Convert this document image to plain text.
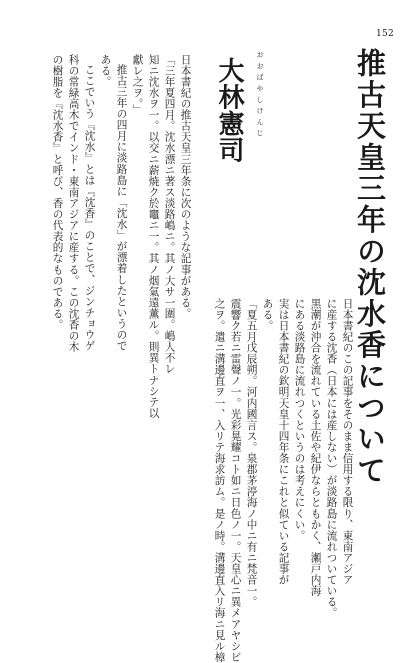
152
推古天皇三年の沈水香について
おおばやしけんじ
大林憲司
日本書紀の推古天皇三年条に次のような記事がある。
「三年夏四月。沈水漂ニ著ス淡路嶋ニ。其ノ大サ一圍。嶋人不レ
知ニ沈水ヲ一。以交ニ薪焼ク於竈ニ一。其ノ烟氣遠薫ル。則異トナシテ以
獻レ之ヲ。」
推古三年の四月に淡路島に「沈水」が漂着したというので
ある。
ここでいう『沈水』とは『沈香』のことで、ジンチョウゲ
科の常緑高木でインド・東南アジアに産する。この沈香の木
の樹脂を『沈水香』と呼び、香の代表的なものである。
日本書紀のこの記事をそのまま信用する限り、東南アジア
に産する沈香（日本には産しない）が淡路島に流れついている。
黒潮が沖合を流れている土佐や紀伊ならともかく、瀬戸内海
にある淡路島に流れつくというのは考えにくい。
実は日本書紀の欽明天皇十四年条にこれと似ている記事が
ある。
「夏五月戊辰朔。河内國言ス。泉郡茅渟海ノ中ニ有ニ梵音一。
震響ク若ニ雷聲ノ一。光彩晃耀コト如ニ日色ノ一。天皇心ニ異メアヤシビ
之ヲ。遣ニ溝邊直ヲ一、入リテ海求訪ム。是ノ時。溝邊直入リ海ニ見ル樟
